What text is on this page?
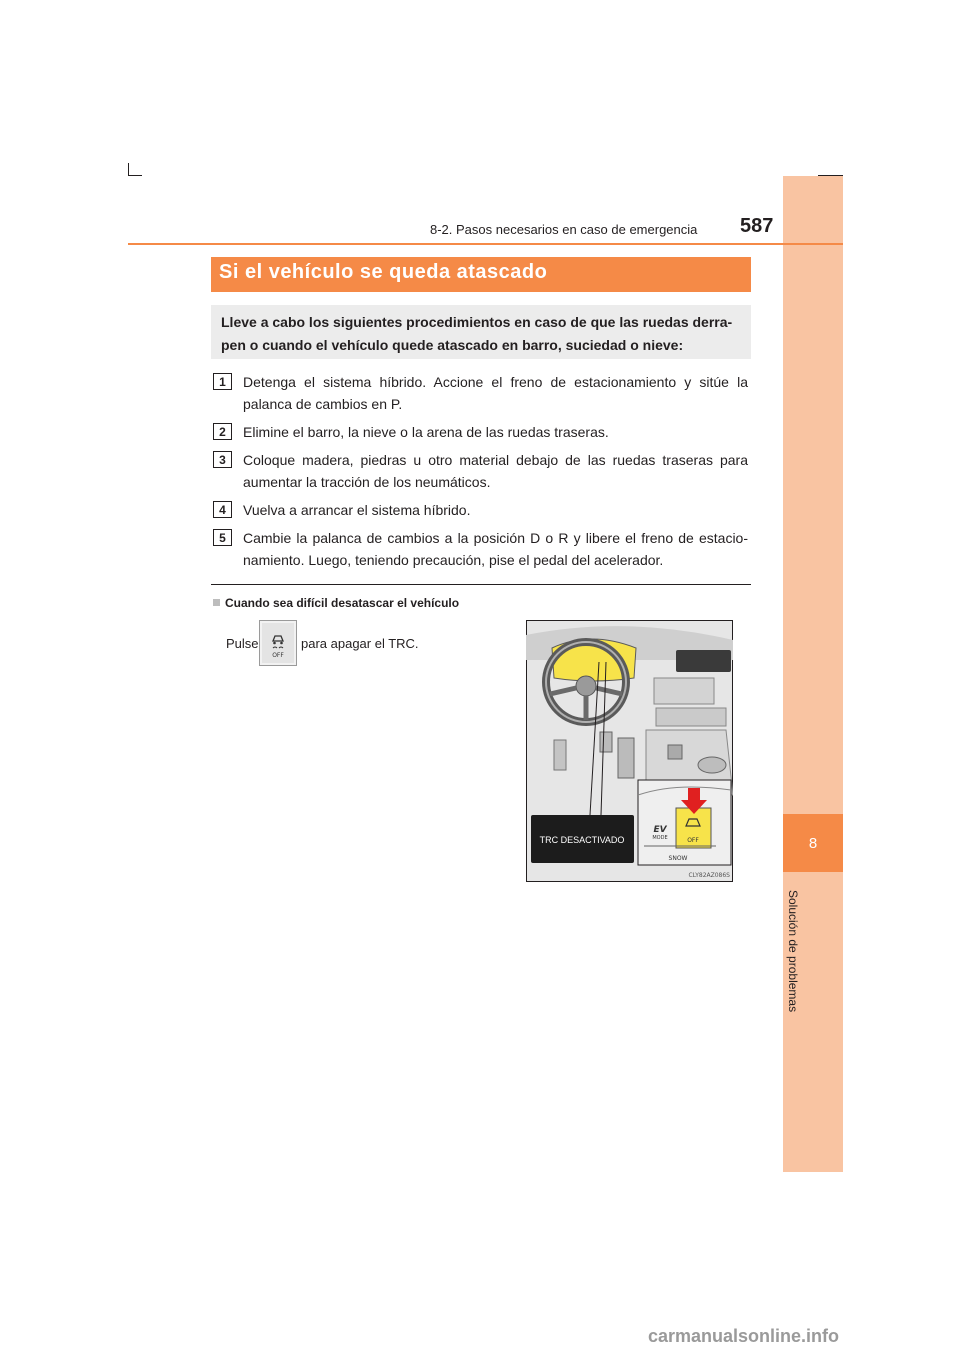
8
Solución de problemas
8-2. Pasos necesarios en caso de emergencia 587
Si el vehículo se queda atascado

Lleve a cabo los siguientes procedimientos en caso de que las ruedas derra-pen o cuando el vehículo quede atascado en barro, suciedad o nieve:

1	Detenga el sistema híbrido. Accione el freno de estacionamiento y sitúe la palanca de cambios en P.

2	Elimine el barro, la nieve o la arena de las ruedas traseras.

3	Coloque madera, piedras u otro material debajo de las ruedas traseras para aumentar la tracción de los neumáticos.

4	Vuelva a arrancar el sistema híbrido.

5	Cambie la palanca de cambios a la posición D o R y libere el freno de estacio-namiento. Luego, teniendo precaución, pise el pedal del acelerador.

Cuando sea difícil desatascar el vehículo
Pulse
OFF
para apagar el TRC.
TRC DESACTIVADO	OFF
EV
MODE
SNOW
CLY82AZ086S
carmanualsonline.info
